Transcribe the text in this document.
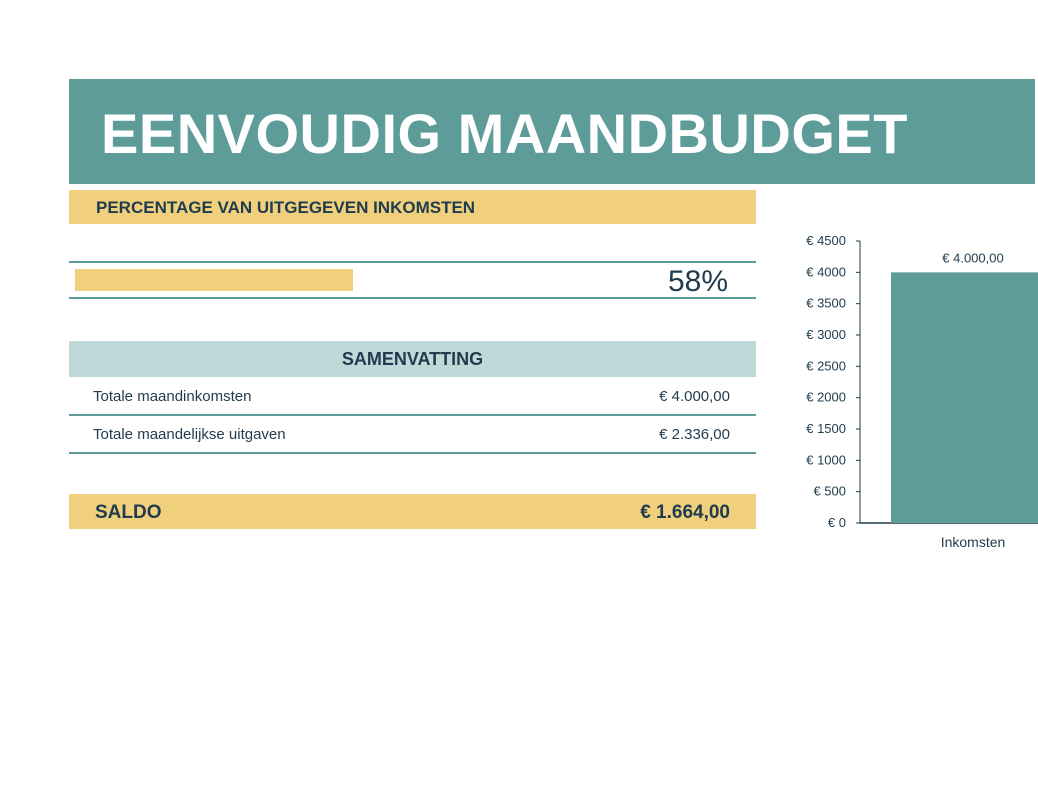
EENVOUDIG MAANDBUDGET
PERCENTAGE VAN UITGEGEVEN INKOMSTEN
58%
SAMENVATTING
Totale maandinkomsten	€ 4.000,00
Totale maandelijkse uitgaven	€ 2.336,00
SALDO	€ 1.664,00	€ 0
€ 500
€ 1000
€ 1500
€ 2000
€ 2500
€ 3000
€ 3500
€ 4000
€ 4500
€ 4.000,00
Inkomsten
